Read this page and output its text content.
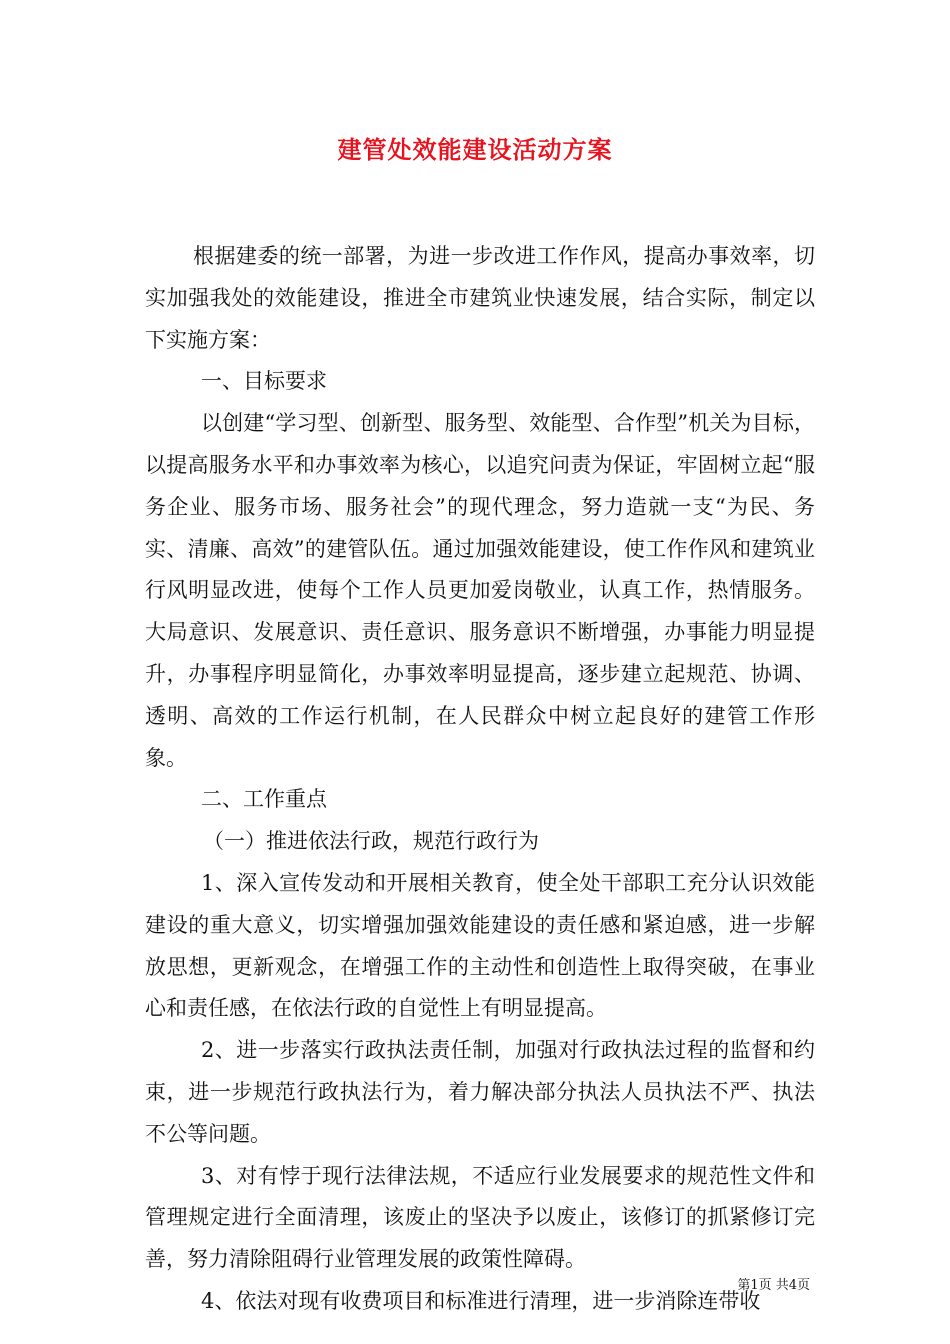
建管处效能建设活动方案

根据建委的统一部署，为进一步改进工作作风，提高办事效率，切实加强我处的效能建设，推进全市建筑业快速发展，结合实际，制定以下实施方案：

一、目标要求

以创建“学习型、创新型、服务型、效能型、合作型”机关为目标，以提高服务水平和办事效率为核心，以追究问责为保证，牢固树立起“服务企业、服务市场、服务社会”的现代理念，努力造就一支“为民、务实、清廉、高效”的建管队伍。通过加强效能建设，使工作作风和建筑业行风明显改进，使每个工作人员更加爱岗敬业，认真工作，热情服务。大局意识、发展意识、责任意识、服务意识不断增强，办事能力明显提升，办事程序明显简化，办事效率明显提高，逐步建立起规范、协调、透明、高效的工作运行机制，在人民群众中树立起良好的建管工作形象。

二、工作重点

（一）推进依法行政，规范行政行为

1、深入宣传发动和开展相关教育，使全处干部职工充分认识效能建设的重大意义，切实增强加强效能建设的责任感和紧迫感，进一步解放思想，更新观念，在增强工作的主动性和创造性上取得突破，在事业心和责任感，在依法行政的自觉性上有明显提高。

2、进一步落实行政执法责任制，加强对行政执法过程的监督和约束，进一步规范行政执法行为，着力解决部分执法人员执法不严、执法不公等问题。

3、对有悖于现行法律法规，不适应行业发展要求的规范性文件和管理规定进行全面清理，该废止的坚决予以废止，该修订的抓紧修订完善，努力清除阻碍行业管理发展的政策性障碍。

4、依法对现有收费项目和标准进行清理，进一步消除连带收

第1页 共4页
